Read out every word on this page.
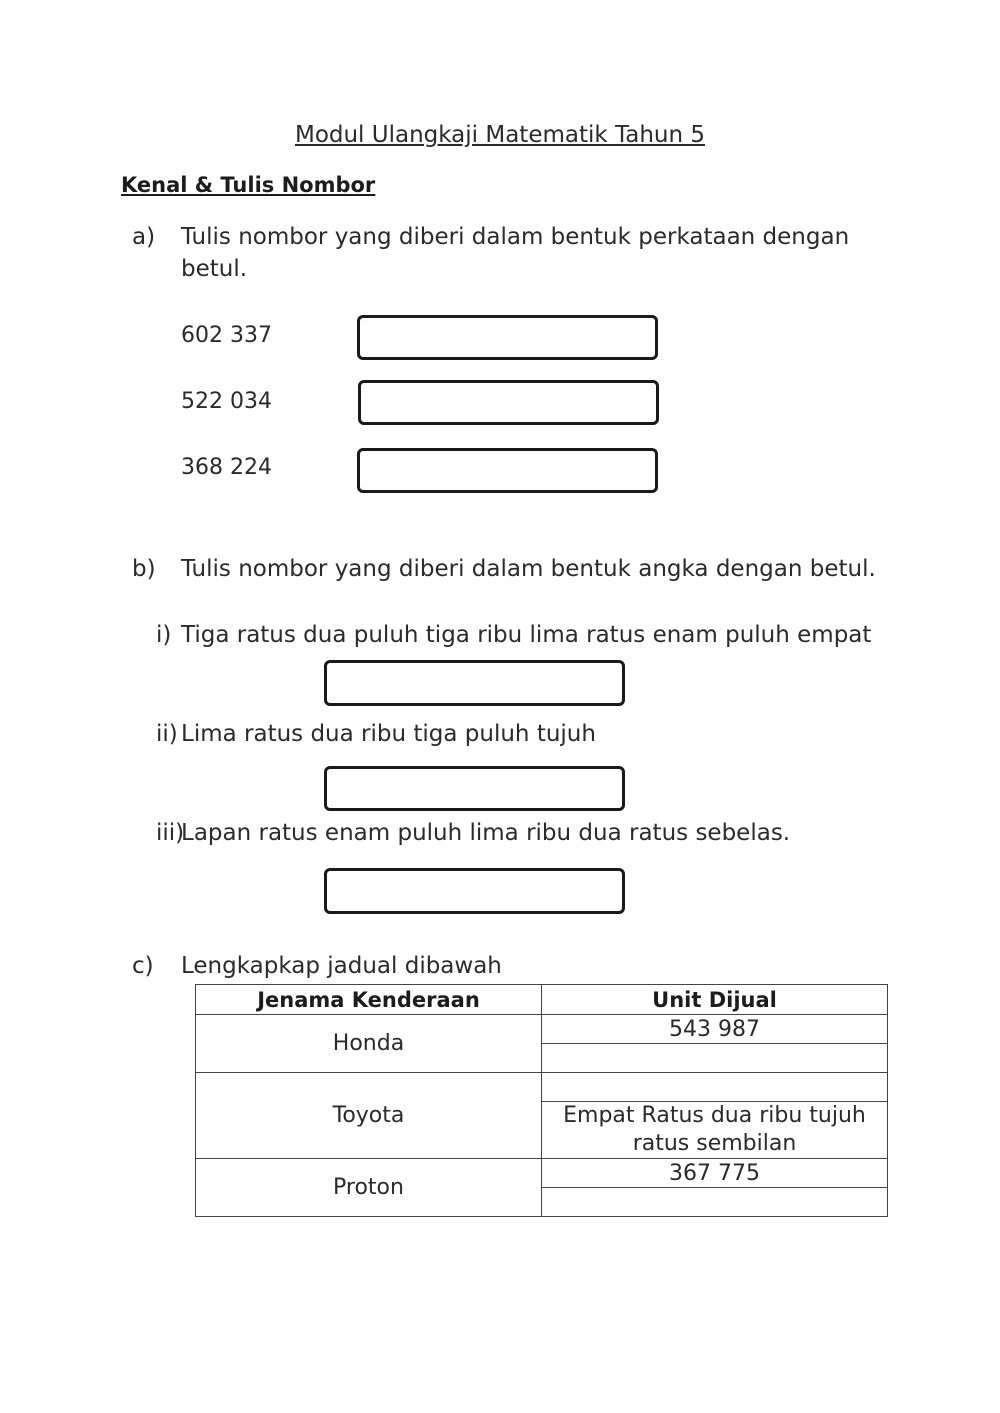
Modul Ulangkaji Matematik Tahun 5
Kenal & Tulis Nombor
a) Tulis nombor yang diberi dalam bentuk perkataan dengan
betul.
602 337
522 034
368 224
b) Tulis nombor yang diberi dalam bentuk angka dengan betul.
i) Tiga ratus dua puluh tiga ribu lima ratus enam puluh empat
ii) Lima ratus dua ribu tiga puluh tujuh
iii)
Lapan ratus enam puluh lima ribu dua ratus sebelas.
c) Lengkapkap jadual dibawah
Jenama Kenderaan	Unit Dijual
Honda	543 987

Toyota	
	Empat Ratus dua ribu tujuh ratus sembilan
Proton	367 775
